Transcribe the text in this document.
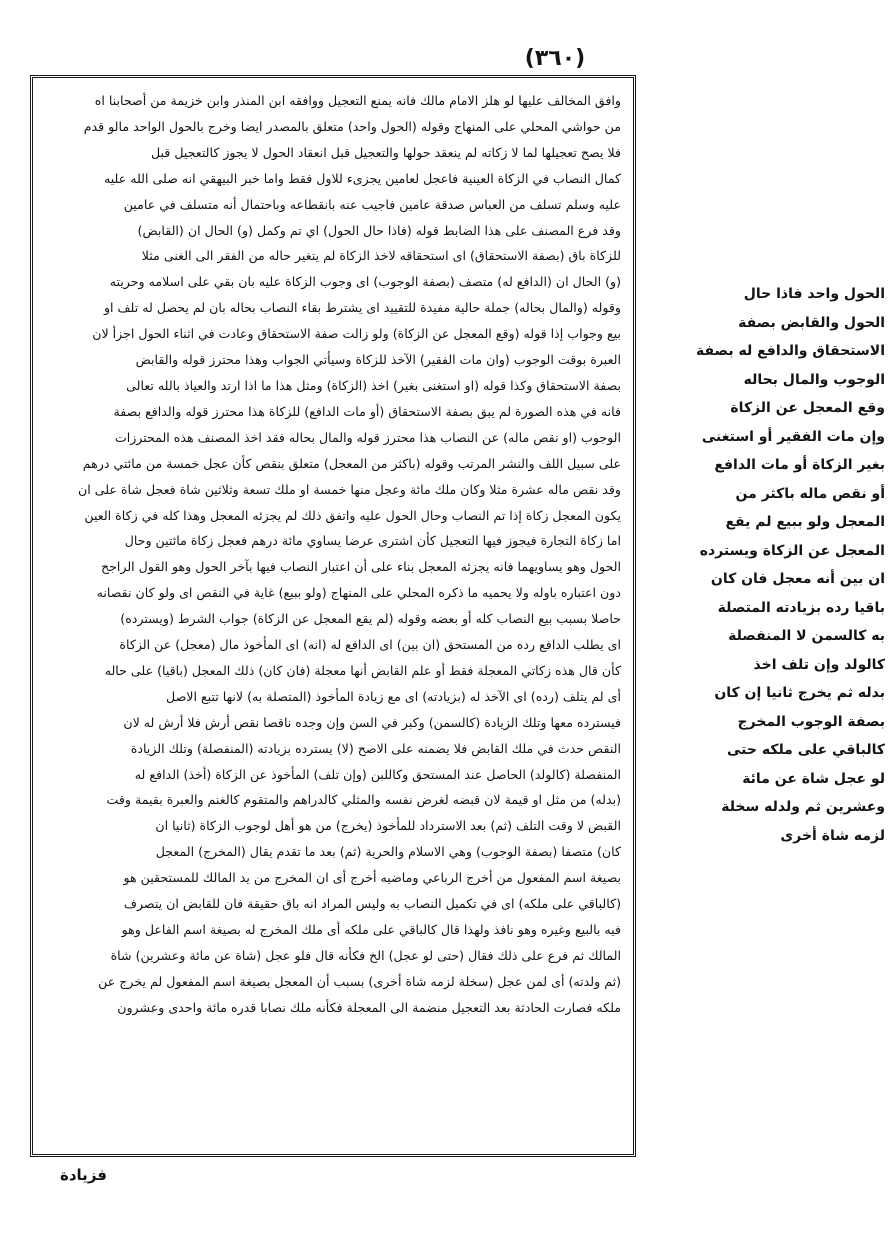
(٣٦٠)

وافق المخالف عليها لو هلز الامام مالك فانه يمنع التعجيل ووافقه ابن المنذر وابن خزيمة من أصحابنا اه
من حواشي المحلي على المنهاج وقوله (الحول واحد) متعلق بالمصدر ايضا وخرج بالحول الواحد مالو قدم
فلا يصح تعجيلها لما لا زكاته لم ينعقد حولها والتعجيل قبل انعقاد الحول لا يجوز كالتعجيل قبل
كمال النصاب في الزكاة العينية فاعجل لعامين يجزىء للاول فقط واما خبر البيهقي انه صلى الله عليه
عليه وسلم تسلف من العباس صدقة عامين فاجيب عنه بانقطاعه وباحتمال أنه متسلف في عامين
وقد فرع المصنف على هذا الضابط قوله (فاذا حال الحول) اي تم وكمل (و) الحال ان (القابض)
للزكاة باق (بصفة الاستحقاق) اى استحقاقه لاخذ الزكاة لم يتغير حاله من الفقر الى الغنى مثلا
(و) الحال ان (الدافع له) متصف (بصفة الوجوب) اى وجوب الزكاة عليه بان بقي على اسلامه وحريته
وقوله (والمال بحاله) جملة حالية مفيدة للتقييد اى يشترط بقاء النصاب بحاله بان لم يحصل له تلف او
بيع وجواب إذا قوله (وقع المعجل عن الزكاة) ولو زالت صفة الاستحقاق وعادت في اثناء الحول اجزأ لان
العبرة بوقت الوجوب (وان مات الفقير) الآخذ للزكاة وسيأتي الجواب وهذا محترز قوله والقابض
بصفة الاستحقاق وكذا قوله (او استغنى بغير) اخذ (الزكاة) ومثل هذا ما اذا ارتد والعياذ بالله تعالى
فانه في هذه الصورة لم يبق بصفة الاستحقاق (أو مات الدافع) للزكاة هذا محترز قوله والدافع بصفة
الوجوب (او نقص ماله) عن النصاب هذا محترز قوله والمال بحاله فقد اخذ المصنف هذه المحترزات
على سبيل اللف والنشر المرتب وقوله (باكثر من المعجل) متعلق بنقص كأن عجل خمسة من مائتي درهم
وقد نقص ماله عشرة مثلا وكان ملك مائة وعجل منها خمسة او ملك تسعة وثلاثين شاة فعجل شاة على ان
يكون المعجل زكاة إذا تم النصاب وحال الحول عليه واتفق ذلك لم يجزئه المعجل وهذا كله في زكاة العين
اما زكاة التجارة فيجوز فيها التعجيل كأن اشترى عرضا يساوي مائة درهم فعجل زكاة مائتين وحال
الحول وهو يساويهما فانه يجزئه المعجل بناء على أن اعتبار النصاب فيها بآخر الحول وهو القول الراجح
دون اعتباره باوله ولا يحميه ما ذكره المحلي على المنهاج (ولو ببيع) غاية في النقص اى ولو كان نقصانه
حاصلا بسبب بيع النصاب كله أو بعضه وقوله (لم يقع المعجل عن الزكاة) جواب الشرط (ويسترده)
اى يطلب الدافع رده من المستحق (ان بين) اى الدافع له (انه) اى المأخوذ مال (معجل) عن الزكاة
كأن قال هذه زكاتي المعجلة فقط أو علم القابض أنها معجلة (فان كان) ذلك المعجل (باقيا) على حاله
أى لم يتلف (رده) اى الآخذ له (بزيادته) اى مع زيادة المأخوذ (المتصلة به) لانها تتبع الاصل
فيسترده معها وتلك الزيادة (كالسمن) وكبر في السن وإن وجده ناقصا نقص أرش فلا أرش له لان
النقص حدث في ملك القابض فلا يضمنه على الاصح (لا) يسترده بزيادته (المنفصلة) وتلك الزيادة
المنفصلة (كالولد) الحاصل عند المستحق وكاللبن (وإن تلف) المأخوذ عن الزكاة (أخذ) الدافع له
(بدله) من مثل او قيمة لان قبضه لغرض نفسه والمثلي كالدراهم والمتقوم كالغنم والعبرة بقيمة وقت
القبض لا وقت التلف (ثم) بعد الاسترداد للمأخوذ (يخرج) من هو أهل لوجوب الزكاة (ثانيا ان
كان) متصفا (بصفة الوجوب) وهي الاسلام والحرية (ثم) بعد ما تقدم يقال (المخرج) المعجل
بصيغة اسم المفعول من أخرج الرباعي وماضيه أخرج أى ان المخرج من يد المالك للمستحقين هو
(كالباقي على ملكه) اى في تكميل النصاب به وليس المراد انه باق حقيقة فان للقابض ان يتصرف
فيه بالبيع وغيره وهو نافذ ولهذا قال كالباقي على ملكه أى ملك المخرج له بصيغة اسم الفاعل وهو
المالك ثم فرع على ذلك فقال (حتى لو عجل) الخ فكأنه قال فلو عجل (شاة عن مائة وعشرين) شاة
(ثم ولدته) أى لمن عجل (سخلة لزمه شاة أخرى) بسبب أن المعجل بصيغة اسم المفعول لم يخرج عن
ملكه فصارت الحادثة بعد التعجيل منضمة الى المعجلة فكأنه ملك نصابا قدره مائة واحدى وعشرون

الحول واحد فاذا حال
الحول والقابض بصفة
الاستحقاق والدافع له بصفة
الوجوب والمال بحاله
وقع المعجل عن الزكاة
وإن مات الفقير أو استغنى
بغير الزكاة أو مات الدافع
أو نقص ماله باكثر من
المعجل ولو ببيع لم يقع
المعجل عن الزكاة ويسترده
ان بين أنه معجل فان كان
باقيا رده بزيادته المتصلة
به كالسمن لا المنفصلة
كالولد وإن تلف اخذ
بدله ثم يخرج ثانيا إن كان
بصفة الوجوب المخرج
كالباقي على ملكه حتى
لو عجل شاة عن مائة
وعشرين ثم ولدله سخلة
لزمه شاة أخرى
فزيادة
